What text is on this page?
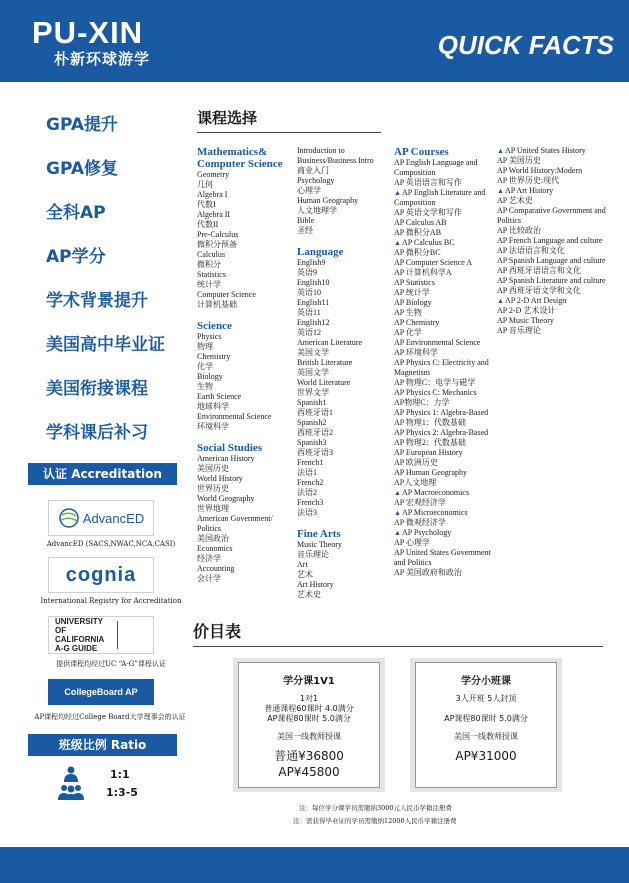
PU-XIN
朴新环球游学	QUICK FACTS
GPA提升
GPA修复
全科AP
AP学分
学术背景提升
美国高中毕业证
美国衔接课程
学科课后补习
认证 Accreditation
AdvancED
AdvancED (SACS,NWAC,NCA,CASI)
cognia
International Registry for Accreditation
UNIVERSITY OF CALIFORNIA A-G GUIDE
提供课程均经过UC “A-G”课程认证
CollegeBoard AP
AP课程均经过College Board大学理事会的认证
班级比例 Ratio
1:1
1:3-5
课程选择
Mathematics& Computer Science
Geometry
几何
Algebra I
代数I
Algebra II
代数II
Pre-Calculus
微积分预备
Calculus
微积分
Statistics
统计学
Computer Science
计算机基础
Science
Physics
物理
Chemistry
化学
Biology
生物
Earth Science
地球科学
Environmental Science
环境科学
Social Studies
American History
美国历史
World History
世界历史
World Geography
世界地理
American Government/ Politics
美国政治
Economics
经济学
Accounting
会计学
Introduction to Business/Business Intro
商业入门
Psychology
心理学
Human Geography
人文地理学
Bible
圣经
Language
English9
英语9
English10
英语10
English11
英语11
English12
英语12
American Literature
美国文学
British Literature
英国文学
World Literature
世界文学
Spanish1
西班牙语1
Spanish2
西班牙语2
Spanish3
西班牙语3
French1
法语1
French2
法语2
French3
法语3
Fine Arts
Music Theory
音乐理论
Art
艺术
Art History
艺术史
AP Courses
AP English Language and Composition
AP 英语语言和写作
▲AP English Literature and Composition
AP 英语文学和写作
AP Calculus AB
AP 微积分AB
▲AP Calculus BC
AP 微积分BC
AP Computer Science A
AP 计算机科学A
AP Statistics
AP 统计学
AP Biology
AP 生物
AP Chemistry
AP 化学
AP Environmental Science
AP 环境科学
AP Physics C: Electricity and Magnetism
AP 物理C：电学与磁学
AP Physics C: Mechanics
AP物理C：力学
AP Physics 1: Algebra-Based
AP 物理1：代数基础
AP Physics 2: Algebra-Based
AP 物理2：代数基础
AP European History
AP 欧洲历史
AP Human Geography
AP人文地理
▲AP Macroeconomics
AP 宏观经济学
▲AP Microeconomics
AP 微观经济学
▲AP Psychology
AP 心理学
AP United States Government and Politics
AP 美国政府和政治
▲AP United States History
AP 美国历史
AP World History:Modern
AP 世界历史:现代
▲AP Art History
AP 艺术史
AP Comparative Government and Politics
AP 比较政治
AP French Language and culture
AP 法语语言和文化
AP Spanish Language and culture
AP 西班牙语语言和文化
AP Spanish Literature and culture
AP 西班牙语文学和文化
▲AP 2-D Art Design
AP 2-D 艺术设计
AP Music Theory
AP 音乐理论
价目表
学分课1V1
1对1
普通课程60课时 4.0满分
AP课程80课时 5.0满分
美国一线教师授课
普通¥36800
AP¥45800
学分小班课
3人开班 5人封顶
AP课程80课时 5.0满分
美国一线教师授课
AP¥31000
注：每位学分课学员需缴纳3000元人民币学籍注册费
注：需获得毕业证的学员需缴纳12000人民币学籍注册费
